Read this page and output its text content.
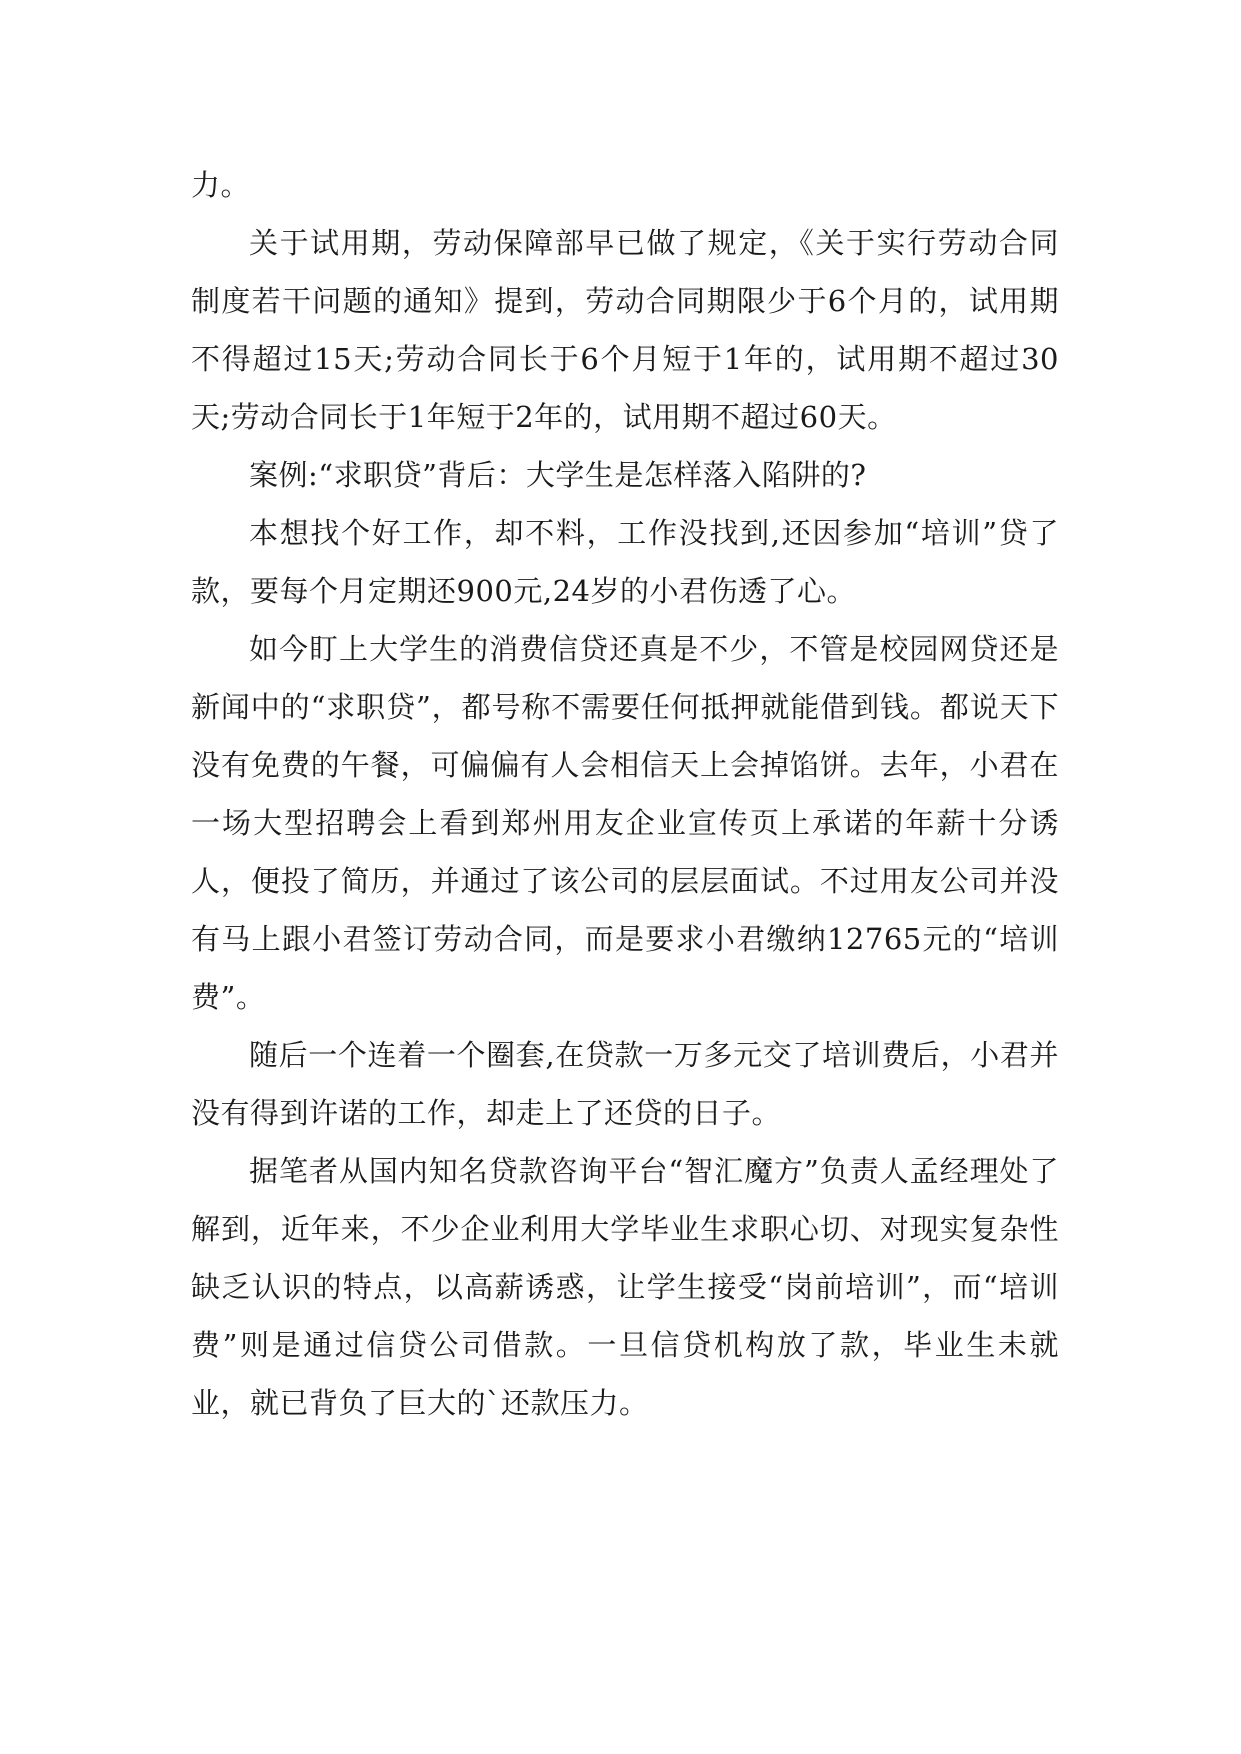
力。

关于试用期，劳动保障部早已做了规定，《关于实行劳动合同制度若干问题的通知》提到，劳动合同期限少于6个月的，试用期不得超过15天;劳动合同长于6个月短于1年的，试用期不超过30天;劳动合同长于1年短于2年的，试用期不超过60天。

案例:“求职贷”背后：大学生是怎样落入陷阱的?

本想找个好工作，却不料，工作没找到,还因参加“培训”贷了款，要每个月定期还900元,24岁的小君伤透了心。

如今盯上大学生的消费信贷还真是不少，不管是校园网贷还是新闻中的“求职贷”，都号称不需要任何抵押就能借到钱。都说天下没有免费的午餐，可偏偏有人会相信天上会掉馅饼。去年，小君在一场大型招聘会上看到郑州用友企业宣传页上承诺的年薪十分诱人，便投了简历，并通过了该公司的层层面试。不过用友公司并没有马上跟小君签订劳动合同，而是要求小君缴纳12765元的“培训费”。

随后一个连着一个圈套,在贷款一万多元交了培训费后，小君并没有得到许诺的工作，却走上了还贷的日子。

据笔者从国内知名贷款咨询平台“智汇魔方”负责人孟经理处了解到，近年来，不少企业利用大学毕业生求职心切、对现实复杂性缺乏认识的特点，以高薪诱惑，让学生接受“岗前培训”，而“培训费”则是通过信贷公司借款。一旦信贷机构放了款，毕业生未就业，就已背负了巨大的`还款压力。
